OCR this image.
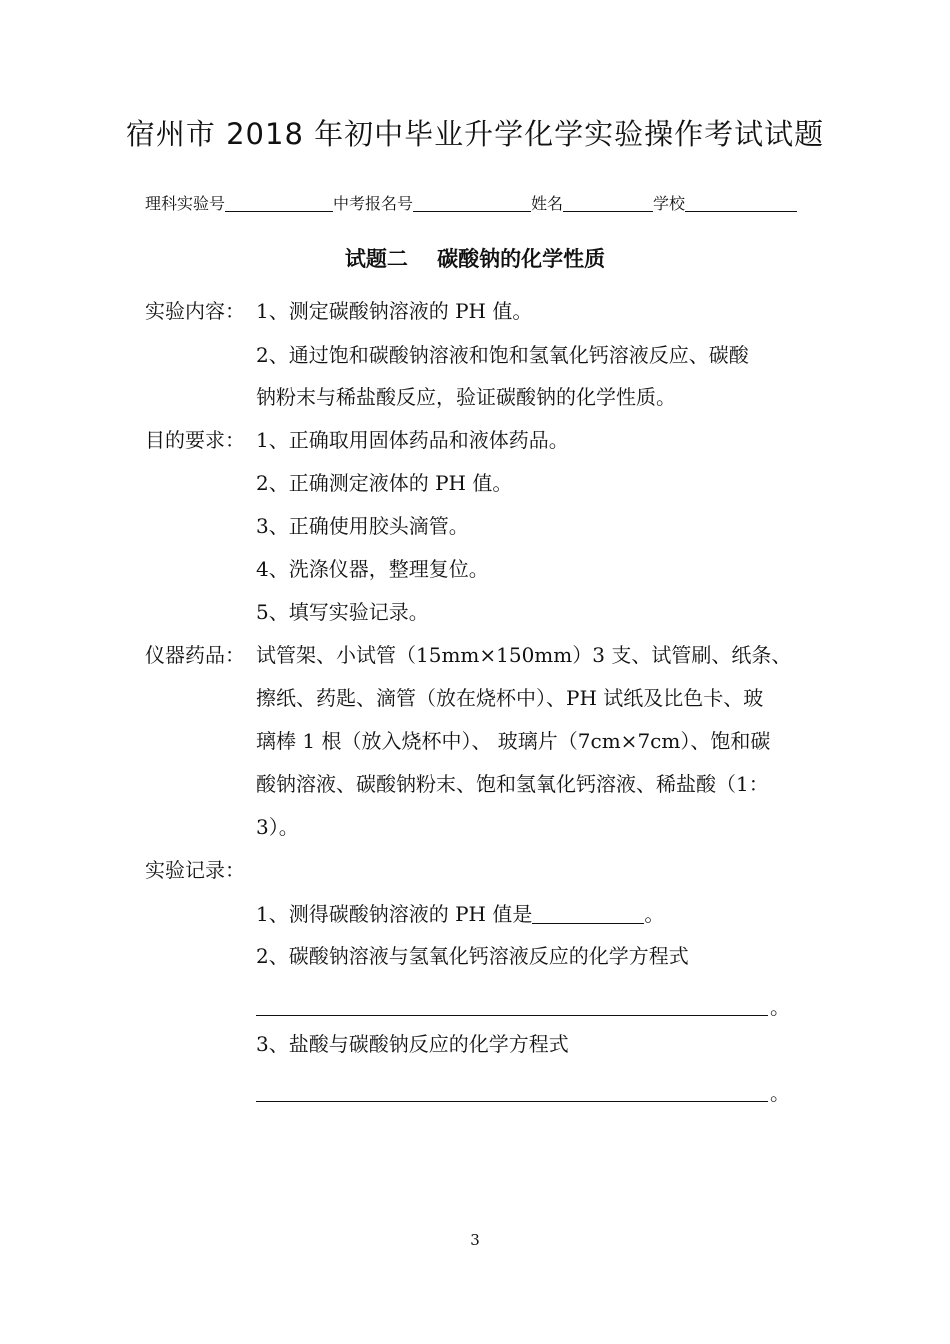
宿州市 2018 年初中毕业升学化学实验操作考试试题
理科实验号	中考报名号	姓名	学校
试题二    碳酸钠的化学性质
实验内容： 1、测定碳酸钠溶液的 PH 值。
2、通过饱和碳酸钠溶液和饱和氢氧化钙溶液反应、碳酸
钠粉末与稀盐酸反应，验证碳酸钠的化学性质。
目的要求： 1、正确取用固体药品和液体药品。
2、正确测定液体的 PH 值。
3、正确使用胶头滴管。
4、洗涤仪器，整理复位。
5、填写实验记录。
仪器药品： 试管架、小试管（15mm×150mm）3 支、试管刷、纸条、
擦纸、药匙、滴管（放在烧杯中）、PH 试纸及比色卡、玻
璃棒 1 根（放入烧杯中）、 玻璃片（7cm×7cm）、饱和碳
酸钠溶液、碳酸钠粉末、饱和氢氧化钙溶液、稀盐酸（1：
3）。
实验记录：
1、测得碳酸钠溶液的 PH 值是	。
2、碳酸钠溶液与氢氧化钙溶液反应的化学方程式
。
3、盐酸与碳酸钠反应的化学方程式
。
3
